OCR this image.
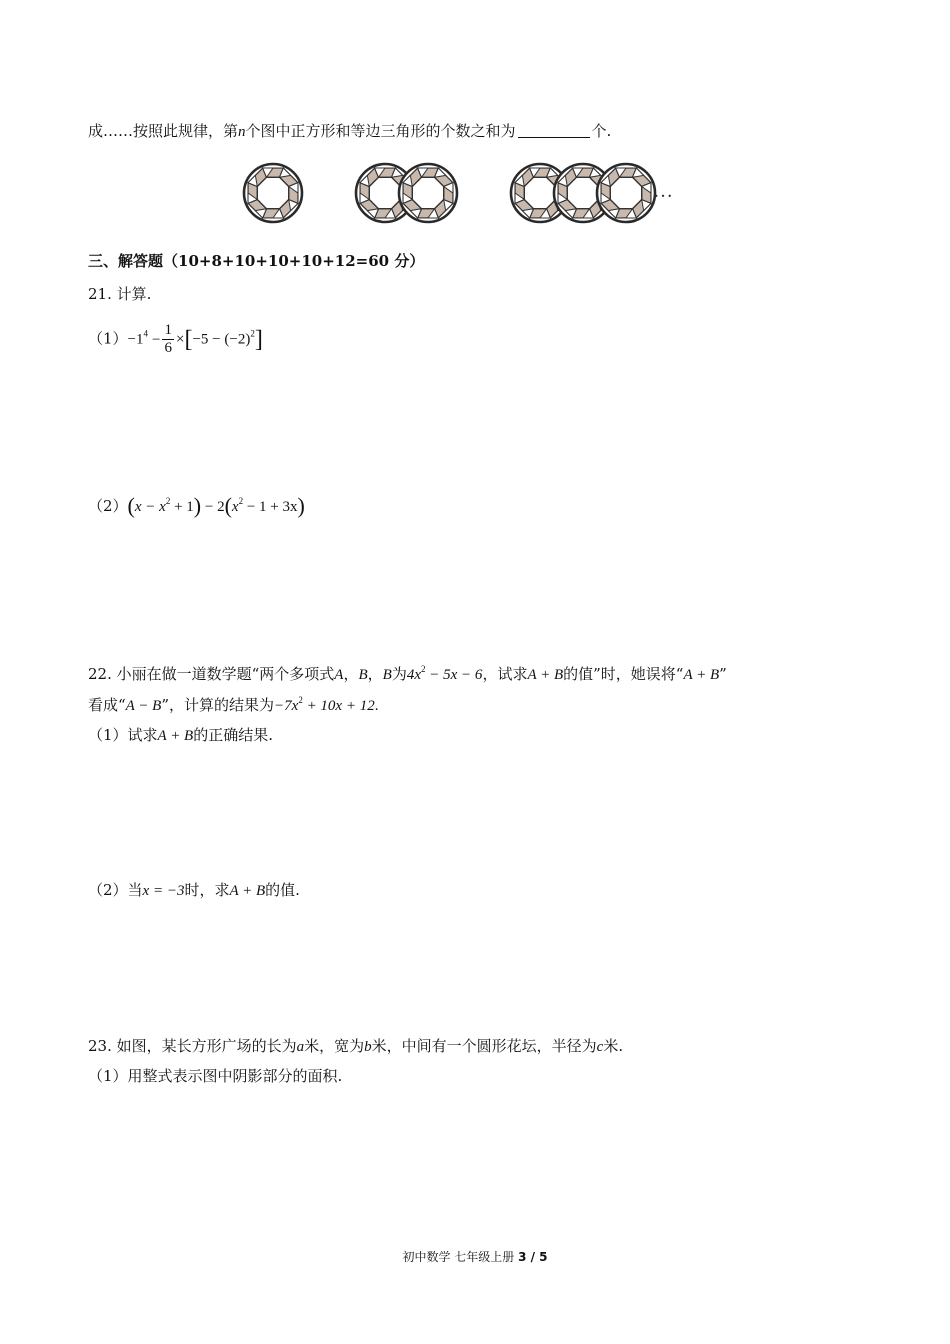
成……按照此规律，第n个图中正方形和等边三角形的个数之和为	个.
…
三、解答题（10+8+10+10+10+12=60 分）
21. 计算.
$(1)-1^4 - \frac{1}{6} \times[-5 - (-2)^2]$
$(2)(x - x^2 + 1) - 2(x^2 - 1 + 3x)$
22. 小丽在做一道数学题“两个多项式A，B，B为$4x^2 - 5x - 6$，试求A + B的值”时，她误将“A + B”
看成“A − B”，计算的结果为$-7x^2 + 10x + 12$.
（1）试求A + B的正确结果.
（2）当x = −3时，求A + B的值.
23. 如图，某长方形广场的长为a米，宽为b米，中间有一个圆形花坛，半径为c米.
（1）用整式表示图中阴影部分的面积.
初中数学 七年级上册 3 / 5
